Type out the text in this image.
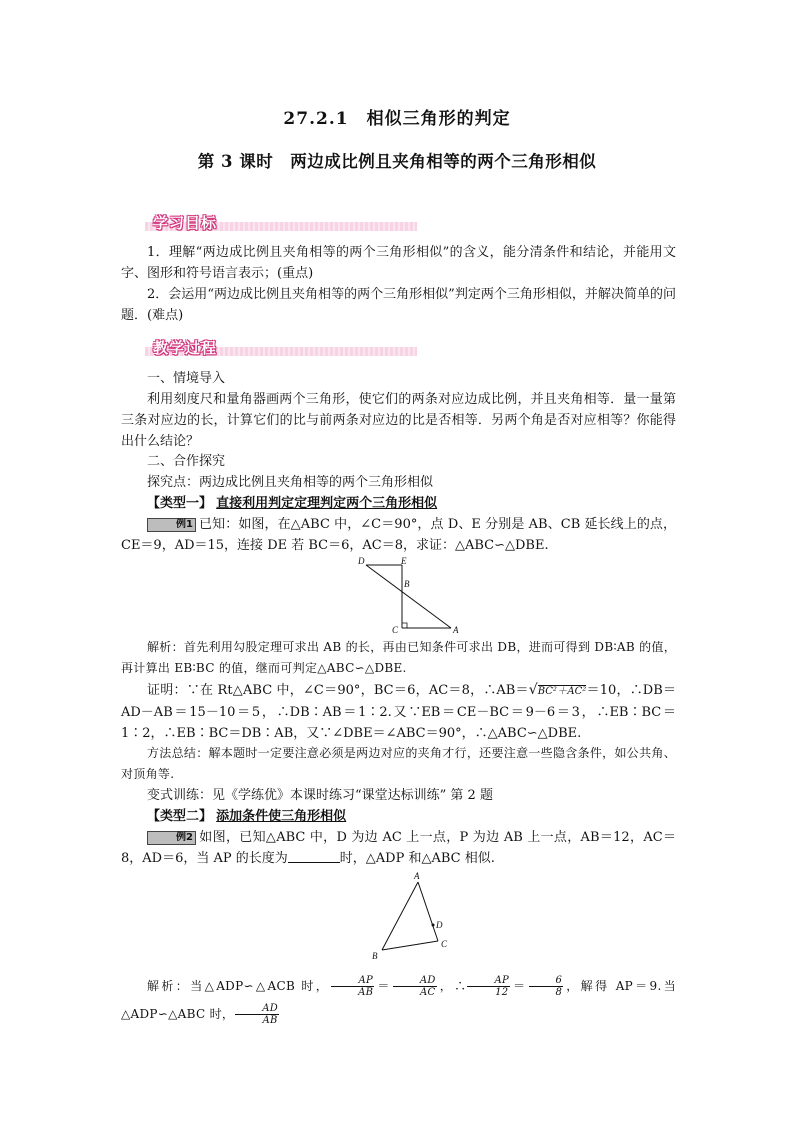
27.2.1　相似三角形的判定
第 3 课时　两边成比例且夹角相等的两个三角形相似
学习目标
1．理解“两边成比例且夹角相等的两个三角形相似”的含义，能分清条件和结论，并能用文字、图形和符号语言表示；(重点)
2．会运用“两边成比例且夹角相等的两个三角形相似”判定两个三角形相似，并解决简单的问题．(难点)
教学过程
一、情境导入
利用刻度尺和量角器画两个三角形，使它们的两条对应边成比例，并且夹角相等．量一量第三条对应边的长，计算它们的比与前两条对应边的比是否相等．另两个角是否对应相等？你能得出什么结论？
二、合作探究
探究点：两边成比例且夹角相等的两个三角形相似
【类型一】 直接利用判定定理判定两个三角形相似
例1 已知：如图，在△ABC 中，∠C＝90°，点 D、E 分别是 AB、CB 延长线上的点，CE＝9，AD＝15，连接 DE 若 BC＝6，AC＝8，求证：△ABC∽△DBE.
D	E
B
C	A
解析：首先利用勾股定理可求出 AB 的长，再由已知条件可求出 DB，进而可得到 DB∶AB 的值，再计算出 EB∶BC 的值，继而可判定△ABC∽△DBE.
证明：∵在 Rt△ABC 中，∠C＝90°，BC＝6，AC＝8，∴AB＝√BC²＋AC²＝10，∴DB＝AD－AB＝15－10＝5，∴DB∶AB＝1∶2.又∵EB＝CE－BC＝9－6＝3，∴EB∶BC＝1∶2，∴EB∶BC＝DB∶AB，又∵∠DBE＝∠ABC＝90°，∴△ABC∽△DBE.
方法总结：解本题时一定要注意必须是两边对应的夹角才行，还要注意一些隐含条件，如公共角、对顶角等.
变式训练：见《学练优》本课时练习“课堂达标训练” 第 2 题
【类型二】 添加条件使三角形相似
例2 如图，已知△ABC 中，D 为边 AC 上一点，P 为边 AB 上一点，AB＝12，AC＝8，AD＝6，当 AP 的长度为	时，△ADP 和△ABC 相似.
A
D
B
C
解析：当△ADP∽△ACB 时， $\frac{AP}{AB} = \frac{AD}{AC}$ ，∴ $\frac{AP}{12} = \frac{6}{8}$ ，解得 AP＝9.当△ADP∽△ABC 时， $\frac{AD}{AB}$
